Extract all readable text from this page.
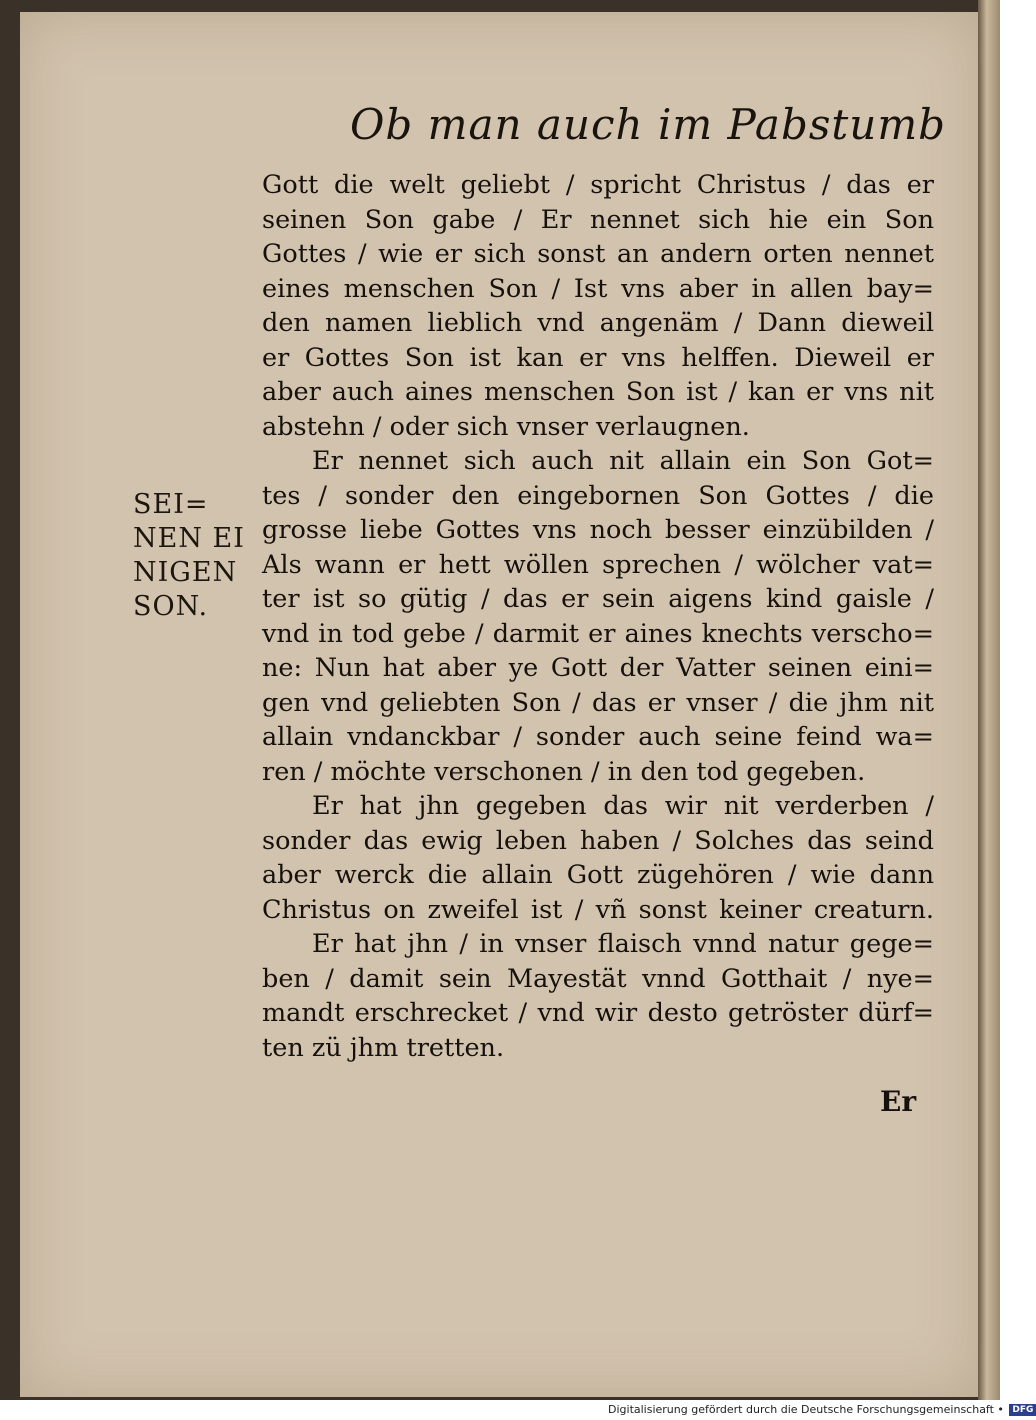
Ob man auch im Pabstumb
Gott die welt geliebt / spricht Christus / das er
seinen Son gabe / Er nennet sich hie ein Son
Gottes / wie er sich sonst an andern orten nennet
eines menschen Son / Ist vns aber in allen bay=
den namen lieblich vnd angenäm / Dann dieweil
er Gottes Son ist kan er vns helffen. Dieweil er
aber auch aines menschen Son ist / kan er vns nit
abstehn / oder sich vnser verlaugnen.
Er nennet sich auch nit allain ein Son Got=
tes / sonder den eingebornen Son Gottes / die
grosse liebe Gottes vns noch besser einzübilden /
Als wann er hett wöllen sprechen / wölcher vat=
ter ist so gütig / das er sein aigens kind gaisle /
vnd in tod gebe / darmit er aines knechts verscho=
ne: Nun hat aber ye Gott der Vatter seinen eini=
gen vnd geliebten Son / das er vnser / die jhm nit
allain vndanckbar / sonder auch seine feind wa=
ren / möchte verschonen / in den tod gegeben.
Er hat jhn gegeben das wir nit verderben /
sonder das ewig leben haben / Solches das seind
aber werck die allain Gott zügehören / wie dann
Christus on zweifel ist / vñ sonst keiner creaturn.
Er hat jhn / in vnser flaisch vnnd natur gege=
ben / damit sein Mayestät vnnd Gotthait / nye=
mandt erschrecket / vnd wir desto getröster dürf=
ten zü jhm tretten.
SEI=
NEN EI
NIGEN
SON.
Er
Digitalisierung gefördert durch die Deutsche Forschungsgemeinschaft • DFG
